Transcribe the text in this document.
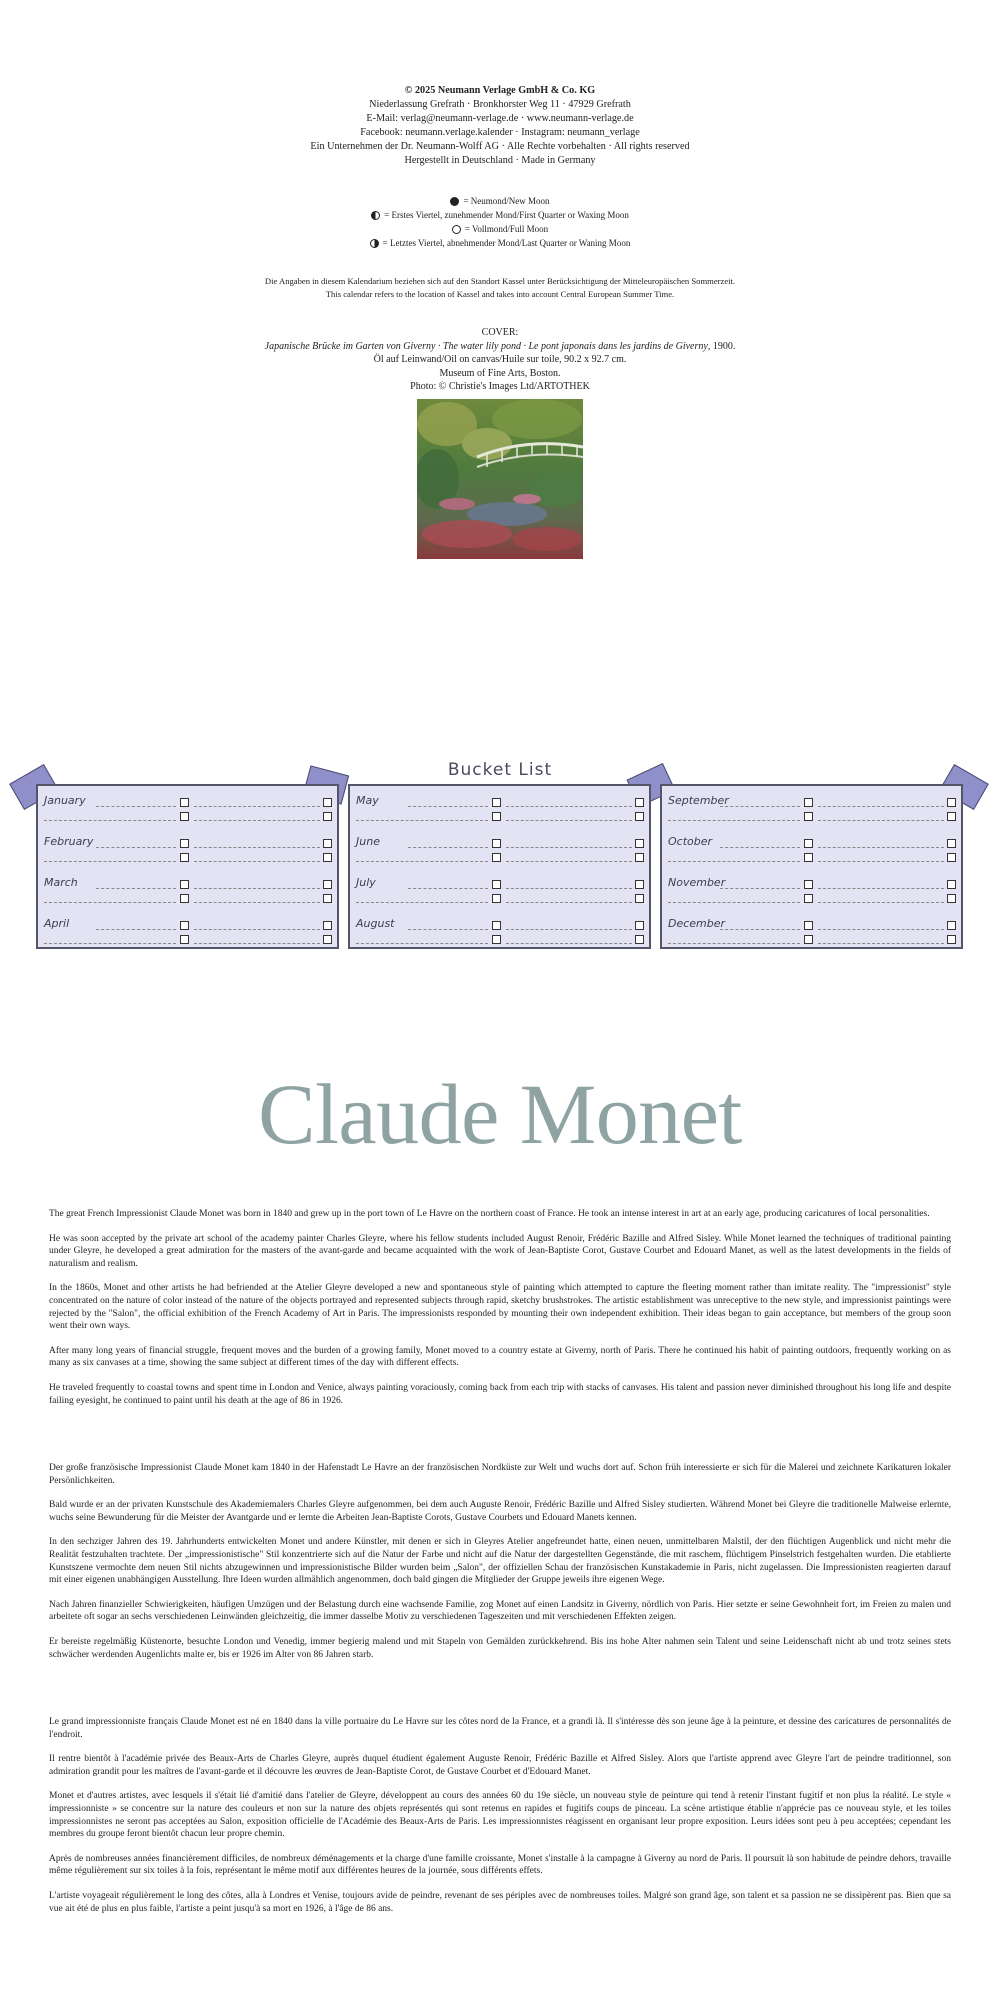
© 2025 Neumann Verlage GmbH & Co. KG
Niederlassung Grefrath · Bronkhorster Weg 11 · 47929 Grefrath
E-Mail: verlag@neumann-verlage.de · www.neumann-verlage.de
Facebook: neumann.verlage.kalender · Instagram: neumann_verlage
Ein Unternehmen der Dr. Neumann-Wolff AG · Alle Rechte vorbehalten · All rights reserved
Hergestellt in Deutschland · Made in Germany
= Neumond/New Moon
= Erstes Viertel, zunehmender Mond/First Quarter or Waxing Moon
= Vollmond/Full Moon
= Letztes Viertel, abnehmender Mond/Last Quarter or Waning Moon
Die Angaben in diesem Kalendarium beziehen sich auf den Standort Kassel unter Berücksichtigung der Mitteleuropäischen Sommerzeit.
This calendar refers to the location of Kassel and takes into account Central European Summer Time.
COVER:
Japanische Brücke im Garten von Giverny · The water lily pond · Le pont japonais dans les jardins de Giverny, 1900.
Öl auf Leinwand/Oil on canvas/Huile sur toile, 90.2 x 92.7 cm.
Museum of Fine Arts, Boston.
Photo: © Christie's Images Ltd/ARTOTHEK
Bucket List
January
February
March
April
May
June
July
August
September
October
November
December
Claude Monet

The great French Impressionist Claude Monet was born in 1840 and grew up in the port town of Le Havre on the northern coast of France. He took an intense interest in art at an early age, producing caricatures of local personalities.

He was soon accepted by the private art school of the academy painter Charles Gleyre, where his fellow students included August Renoir, Frédéric Bazille and Alfred Sisley. While Monet learned the techniques of traditional painting under Gleyre, he developed a great admiration for the masters of the avant-garde and became acquainted with the work of Jean-Baptiste Corot, Gustave Courbet and Edouard Manet, as well as the latest developments in the fields of naturalism and realism.

In the 1860s, Monet and other artists he had befriended at the Atelier Gleyre developed a new and spontaneous style of painting which attempted to capture the fleeting moment rather than imitate reality. The "impressionist" style concentrated on the nature of color instead of the nature of the objects portrayed and represented subjects through rapid, sketchy brushstrokes. The artistic establishment was unreceptive to the new style, and impressionist paintings were rejected by the "Salon", the official exhibition of the French Academy of Art in Paris. The impressionists responded by mounting their own independent exhibition. Their ideas began to gain acceptance, but members of the group soon went their own ways.

After many long years of financial struggle, frequent moves and the burden of a growing family, Monet moved to a country estate at Giverny, north of Paris. There he continued his habit of painting outdoors, frequently working on as many as six canvases at a time, showing the same subject at different times of the day with different effects.

He traveled frequently to coastal towns and spent time in London and Venice, always painting voraciously, coming back from each trip with stacks of canvases. His talent and passion never diminished throughout his long life and despite failing eyesight, he continued to paint until his death at the age of 86 in 1926.

Der große französische Impressionist Claude Monet kam 1840 in der Hafenstadt Le Havre an der französischen Nordküste zur Welt und wuchs dort auf. Schon früh interessierte er sich für die Malerei und zeichnete Karikaturen lokaler Persönlichkeiten.

Bald wurde er an der privaten Kunstschule des Akademiemalers Charles Gleyre aufgenommen, bei dem auch Auguste Renoir, Frédéric Bazille und Alfred Sisley studierten. Während Monet bei Gleyre die traditionelle Malweise erlernte, wuchs seine Bewunderung für die Meister der Avantgarde und er lernte die Arbeiten Jean-Baptiste Corots, Gustave Courbets und Edouard Manets kennen.

In den sechziger Jahren des 19. Jahrhunderts entwickelten Monet und andere Künstler, mit denen er sich in Gleyres Atelier angefreundet hatte, einen neuen, unmittelbaren Malstil, der den flüchtigen Augenblick und nicht mehr die Realität festzuhalten trachtete. Der „impressionistische" Stil konzentrierte sich auf die Natur der Farbe und nicht auf die Natur der dargestellten Gegenstände, die mit raschem, flüchtigem Pinselstrich festgehalten wurden. Die etablierte Kunstszene vermochte dem neuen Stil nichts abzugewinnen und impressionistische Bilder wurden beim „Salon", der offiziellen Schau der französischen Kunstakademie in Paris, nicht zugelassen. Die Impressionisten reagierten darauf mit einer eigenen unabhängigen Ausstellung. Ihre Ideen wurden allmählich angenommen, doch bald gingen die Mitglieder der Gruppe jeweils ihre eigenen Wege.

Nach Jahren finanzieller Schwierigkeiten, häufigen Umzügen und der Belastung durch eine wachsende Familie, zog Monet auf einen Landsitz in Giverny, nördlich von Paris. Hier setzte er seine Gewohnheit fort, im Freien zu malen und arbeitete oft sogar an sechs verschiedenen Leinwänden gleichzeitig, die immer dasselbe Motiv zu verschiedenen Tageszeiten und mit verschiedenen Effekten zeigen.

Er bereiste regelmäßig Küstenorte, besuchte London und Venedig, immer begierig malend und mit Stapeln von Gemälden zurückkehrend. Bis ins hohe Alter nahmen sein Talent und seine Leidenschaft nicht ab und trotz seines stets schwächer werdenden Augenlichts malte er, bis er 1926 im Alter von 86 Jahren starb.

Le grand impressionniste français Claude Monet est né en 1840 dans la ville portuaire du Le Havre sur les côtes nord de la France, et a grandi là. Il s'intéresse dès son jeune âge à la peinture, et dessine des caricatures de personnalités de l'endroit.

Il rentre bientôt à l'académie privée des Beaux-Arts de Charles Gleyre, auprès duquel étudient également Auguste Renoir, Frédéric Bazille et Alfred Sisley. Alors que l'artiste apprend avec Gleyre l'art de peindre traditionnel, son admiration grandit pour les maîtres de l'avant-garde et il découvre les œuvres de Jean-Baptiste Corot, de Gustave Courbet et d'Edouard Manet.

Monet et d'autres artistes, avec lesquels il s'était lié d'amitié dans l'atelier de Gleyre, développent au cours des années 60 du 19e siècle, un nouveau style de peinture qui tend à retenir l'instant fugitif et non plus la réalité. Le style « impressionniste » se concentre sur la nature des couleurs et non sur la nature des objets représentés qui sont retenus en rapides et fugitifs coups de pinceau. La scène artistique établie n'apprécie pas ce nouveau style, et les toiles impressionnistes ne seront pas acceptées au Salon, exposition officielle de l'Académie des Beaux-Arts de Paris. Les impressionnistes réagissent en organisant leur propre exposition. Leurs idées sont peu à peu acceptées; cependant les membres du groupe feront bientôt chacun leur propre chemin.

Après de nombreuses années financièrement difficiles, de nombreux déménagements et la charge d'une famille croissante, Monet s'installe à la campagne à Giverny au nord de Paris. Il poursuit là son habitude de peindre dehors, travaille même régulièrement sur six toiles à la fois, représentant le même motif aux différentes heures de la journée, sous différents effets.

L'artiste voyageait régulièrement le long des côtes, alla à Londres et Venise, toujours avide de peindre, revenant de ses périples avec de nombreuses toiles. Malgré son grand âge, son talent et sa passion ne se dissipèrent pas. Bien que sa vue ait été de plus en plus faible, l'artiste a peint jusqu'à sa mort en 1926, à l'âge de 86 ans.
